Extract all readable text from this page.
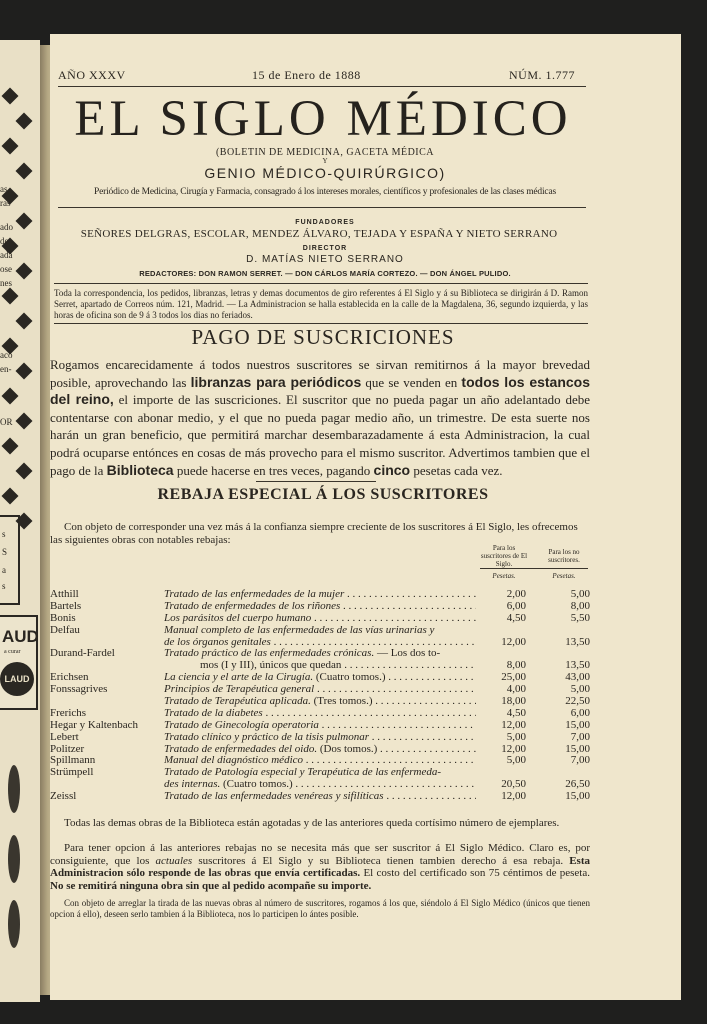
as,
ras
ado
de
ada
ose
nes
aco
en-
OR
s
S
a
s
AUD
a curar
LAUD
AÑO XXXV	15 de Enero de 1888	NÚM. 1.777
EL SIGLO MÉDICO
(BOLETIN DE MEDICINA, GACETA MÉDICA
Y
GENIO MÉDICO-QUIRÚRGICO)
Periódico de Medicina, Cirugía y Farmacia, consagrado á los intereses morales, científicos y profesionales de las clases médicas
FUNDADORES
SEÑORES DELGRAS, ESCOLAR, MENDEZ ÁLVARO, TEJADA Y ESPAÑA Y NIETO SERRANO
DIRECTOR
D. MATÍAS NIETO SERRANO
REDACTORES: DON RAMON SERRET. — DON CÁRLOS MARÍA CORTEZO. — DON ÁNGEL PULIDO.
Toda la correspondencia, los pedidos, libranzas, letras y demas documentos de giro referentes á El Siglo y á su Biblioteca se dirigirán á D. Ramon Serret, apartado de Correos núm. 121, Madrid. — La Administracion se halla establecida en la calle de la Magdalena, 36, segundo izquierda, y las horas de oficina son de 9 á 3 todos los dias no feriados.
PAGO DE SUSCRICIONES
Rogamos encarecidamente á todos nuestros suscritores se sirvan remitirnos á la mayor brevedad posible, aprovechando las libranzas para periódicos que se venden en todos los estancos del reino, el importe de las suscriciones. El suscritor que no pueda pagar un año adelantado debe contentarse con abonar medio, y el que no pueda pagar medio año, un trimestre. De esta suerte nos harán un gran beneficio, que permitirá marchar desembarazadamente á esta Administracion, la cual podrá ocuparse entónces en cosas de más provecho para el mismo suscritor. Advertimos tambien que el pago de la Biblioteca puede hacerse en tres veces, pagando cinco pesetas cada vez.
REBAJA ESPECIAL Á LOS SUSCRITORES
Con objeto de corresponder una vez más á la confianza siempre creciente de los suscritores á El Siglo, les ofrecemos las siguientes obras con notables rebajas:
Para los suscritores de El Siglo.
Para los no suscritores.
Pesetas.	Pesetas.
Atthill	Tratado de las enfermedades de la mujer . . .	2,00	5,00
Bartels	Tratado de enfermedades de los riñones . . .	6,00	8,00
Bonis	Los parásitos del cuerpo humano . . .	4,50	5,50
Delfau	Manual completo de las enfermedades de las vías urinarias y
de los órganos genitales . . .	12,00	13,50
Durand-Fardel	Tratado práctico de las enfermedades crónicas. — Los dos to-
mos (I y III), únicos que quedan . . .	8,00	13,50
Erichsen	La ciencia y el arte de la Cirugía. (Cuatro tomos.) . . .	25,00	43,00
Fonssagrives	Principios de Terapéutica general . . .	4,00	5,00
Tratado de Terapéutica aplicada. (Tres tomos.) . . .	18,00	22,50
Frerichs	Tratado de la diabetes . . .	4,50	6,00
Hegar y Kaltenbach	Tratado de Ginecología operatoria . . .	12,00	15,00
Lebert	Tratado clínico y práctico de la tisis pulmonar . . .	5,00	7,00
Politzer	Tratado de enfermedades del oido. (Dos tomos.) . . .	12,00	15,00
Spillmann	Manual del diagnóstico médico . . .	5,00	7,00
Strümpell	Tratado de Patología especial y Terapéutica de las enfermeda-
des internas. (Cuatro tomos.) . . .	20,50	26,50
Zeissl	Tratado de las enfermedades venéreas y sifilíticas . . .	12,00	15,00
Todas las demas obras de la Biblioteca están agotadas y de las anteriores queda cortísimo número de ejemplares.
Para tener opcion á las anteriores rebajas no se necesita más que ser suscritor á El Siglo Médico. Claro es, por consiguiente, que los actuales suscritores á El Siglo y su Biblioteca tienen tambien derecho á esa rebaja. Esta Administracion sólo responde de las obras que envía certificadas. El costo del certificado son 75 céntimos de peseta. No se remitirá ninguna obra sin que al pedido acompañe su importe.
Con objeto de arreglar la tirada de las nuevas obras al número de suscritores, rogamos á los que, siéndolo á El Siglo Médico (únicos que tienen opcion á ello), deseen serlo tambien á la Biblioteca, nos lo participen lo ántes posible.
